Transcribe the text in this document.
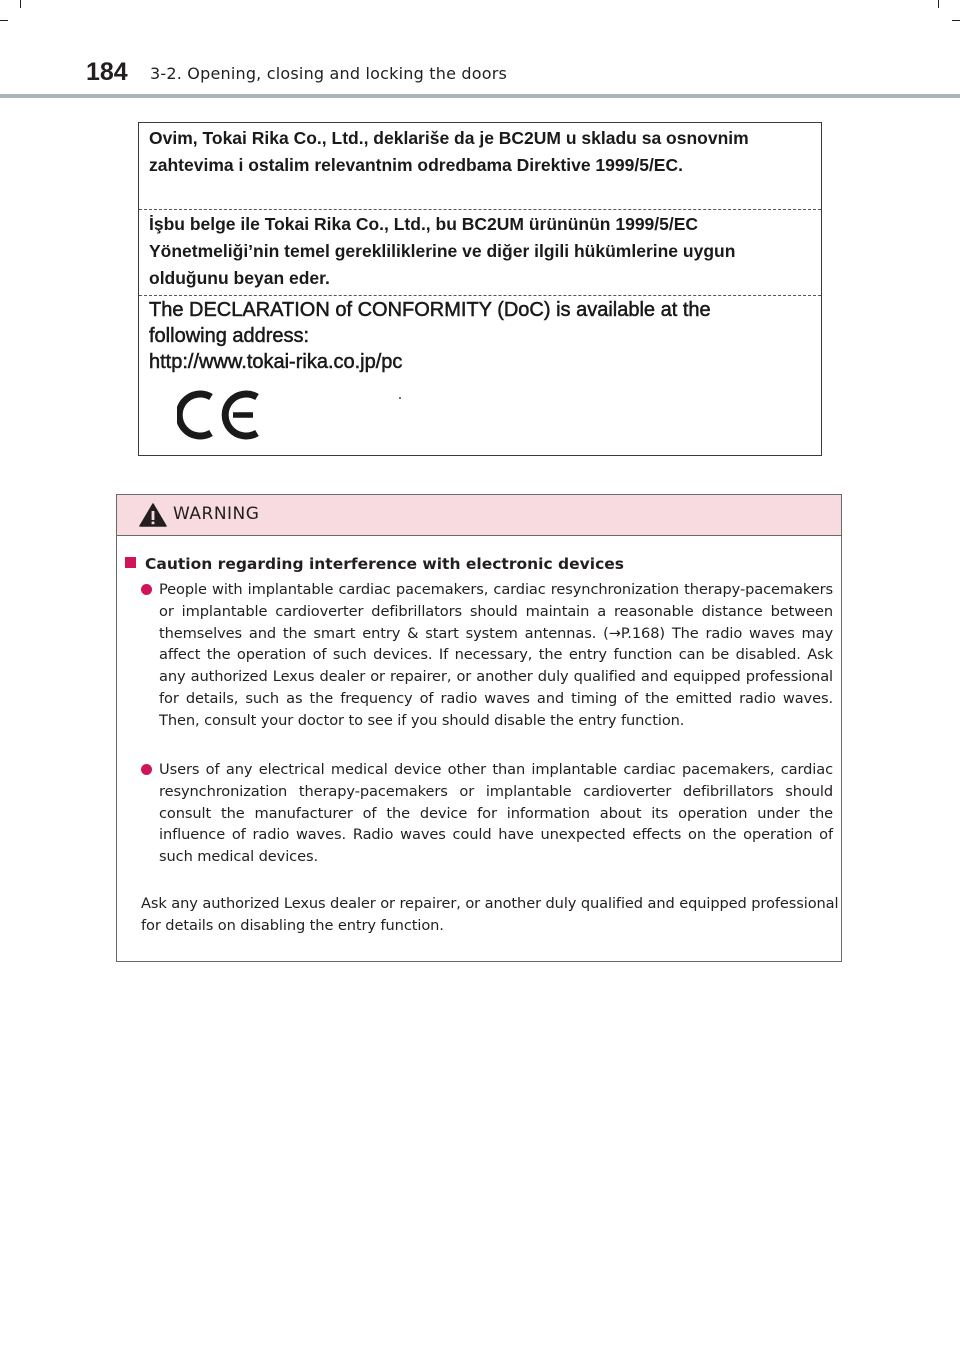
184 3-2. Opening, closing and locking the doors

Ovim, Tokai Rika Co., Ltd., deklariše da je BC2UM u skladu sa osnovnim zahtevima i ostalim relevantnim odredbama Direktive 1999/5/EC.

İşbu belge ile Tokai Rika Co., Ltd., bu BC2UM ürününün 1999/5/EC Yönetmeliği’nin temel gerekliliklerine ve diğer ilgili hükümlerine uygun olduğunu beyan eder.

The DECLARATION of CONFORMITY (DoC) is available at the
following address:
http://www.tokai-rika.co.jp/pc
WARNING

Caution regarding interference with electronic devices

People with implantable cardiac pacemakers, cardiac resynchronization therapy-pacemakers or implantable cardioverter defibrillators should maintain a reasonable distance between themselves and the smart entry & start system antennas. (→P.168) The radio waves may affect the operation of such devices. If necessary, the entry function can be disabled. Ask any authorized Lexus dealer or repairer, or another duly qualified and equipped professional for details, such as the frequency of radio waves and timing of the emitted radio waves. Then, consult your doctor to see if you should disable the entry function.

Users of any electrical medical device other than implantable cardiac pacemakers, cardiac resynchronization therapy-pacemakers or implantable cardioverter defibrillators should consult the manufacturer of the device for information about its operation under the influence of radio waves. Radio waves could have unexpected effects on the operation of such medical devices.

Ask any authorized Lexus dealer or repairer, or another duly qualified and equipped professional for details on disabling the entry function.
